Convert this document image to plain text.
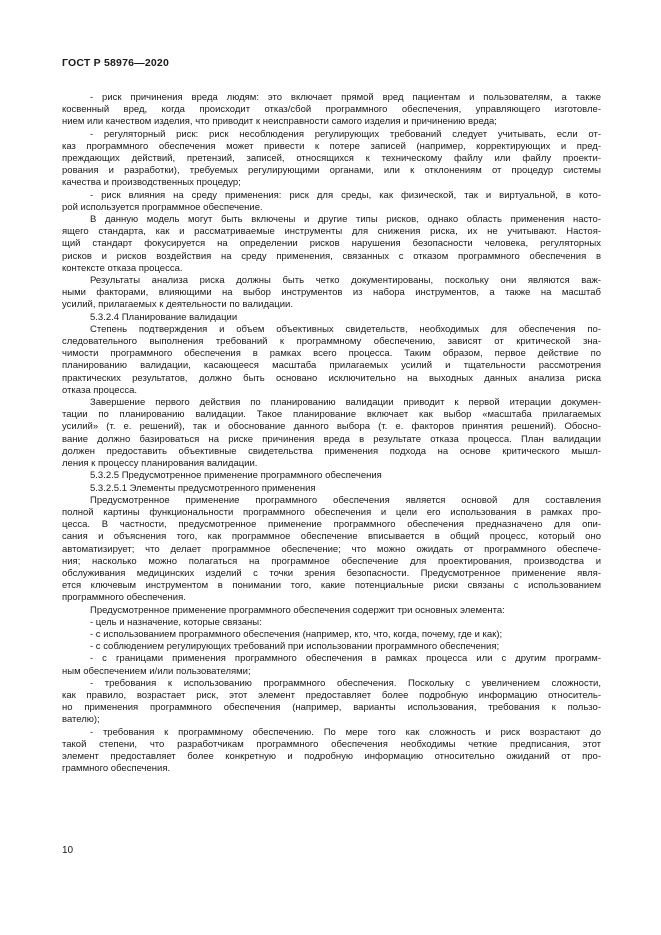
ГОСТ Р 58976—2020
- риск причинения вреда людям: это включает прямой вред пациентам и пользователям, а также
косвенный вред, когда происходит отказ/сбой программного обеспечения, управляющего изготовле-
нием или качеством изделия, что приводит к неисправности самого изделия и причинению вреда;
- регуляторный риск: риск несоблюдения регулирующих требований следует учитывать, если от-
каз программного обеспечения может привести к потере записей (например, корректирующих и пред-
преждающих действий, претензий, записей, относящихся к техническому файлу или файлу проекти-
рования и разработки), требуемых регулирующими органами, или к отклонениям от процедур системы
качества и производственных процедур;
- риск влияния на среду применения: риск для среды, как физической, так и виртуальной, в кото-
рой используется программное обеспечение.
В данную модель могут быть включены и другие типы рисков, однако область применения насто-
ящего стандарта, как и рассматриваемые инструменты для снижения риска, их не учитывают. Настоя-
щий стандарт фокусируется на определении рисков нарушения безопасности человека, регуляторных
рисков и рисков воздействия на среду применения, связанных с отказом программного обеспечения в
контексте отказа процесса.
Результаты анализа риска должны быть четко документированы, поскольку они являются важ-
ными факторами, влияющими на выбор инструментов из набора инструментов, а также на масштаб
усилий, прилагаемых к деятельности по валидации.
5.3.2.4 Планирование валидации
Степень подтверждения и объем объективных свидетельств, необходимых для обеспечения по-
следовательного выполнения требований к программному обеспечению, зависят от критической зна-
чимости программного обеспечения в рамках всего процесса. Таким образом, первое действие по
планированию валидации, касающееся масштаба прилагаемых усилий и тщательности рассмотрения
практических результатов, должно быть основано исключительно на выходных данных анализа риска
отказа процесса.
Завершение первого действия по планированию валидации приводит к первой итерации докумен-
тации по планированию валидации. Такое планирование включает как выбор «масштаба прилагаемых
усилий» (т. е. решений), так и обоснование данного выбора (т. е. факторов принятия решений). Обосно-
вание должно базироваться на риске причинения вреда в результате отказа процесса. План валидации
должен предоставить объективные свидетельства применения подхода на основе критического мышл-
ления к процессу планирования валидации.
5.3.2.5 Предусмотренное применение программного обеспечения
5.3.2.5.1 Элементы предусмотренного применения
Предусмотренное применение программного обеспечения является основой для составления
полной картины функциональности программного обеспечения и цели его использования в рамках про-
цесса. В частности, предусмотренное применение программного обеспечения предназначено для опи-
сания и объяснения того, как программное обеспечение вписывается в общий процесс, который оно
автоматизирует; что делает программное обеспечение; что можно ожидать от программного обеспече-
ния; насколько можно полагаться на программное обеспечение для проектирования, производства и
обслуживания медицинских изделий с точки зрения безопасности. Предусмотренное применение явля-
ется ключевым инструментом в понимании того, какие потенциальные риски связаны с использованием
программного обеспечения.
Предусмотренное применение программного обеспечения содержит три основных элемента:
- цель и назначение, которые связаны:
- с использованием программного обеспечения (например, кто, что, когда, почему, где и как);
- с соблюдением регулирующих требований при использовании программного обеспечения;
- с границами применения программного обеспечения в рамках процесса или с другим программ-
ным обеспечением и/или пользователями;
- требования к использованию программного обеспечения. Поскольку с увеличением сложности,
как правило, возрастает риск, этот элемент предоставляет более подробную информацию относитель-
но применения программного обеспечения (например, варианты использования, требования к пользо-
вателю);
- требования к программному обеспечению. По мере того как сложность и риск возрастают до
такой степени, что разработчикам программного обеспечения необходимы четкие предписания, этот
элемент предоставляет более конкретную и подробную информацию относительно ожиданий от про-
граммного обеспечения.
10
